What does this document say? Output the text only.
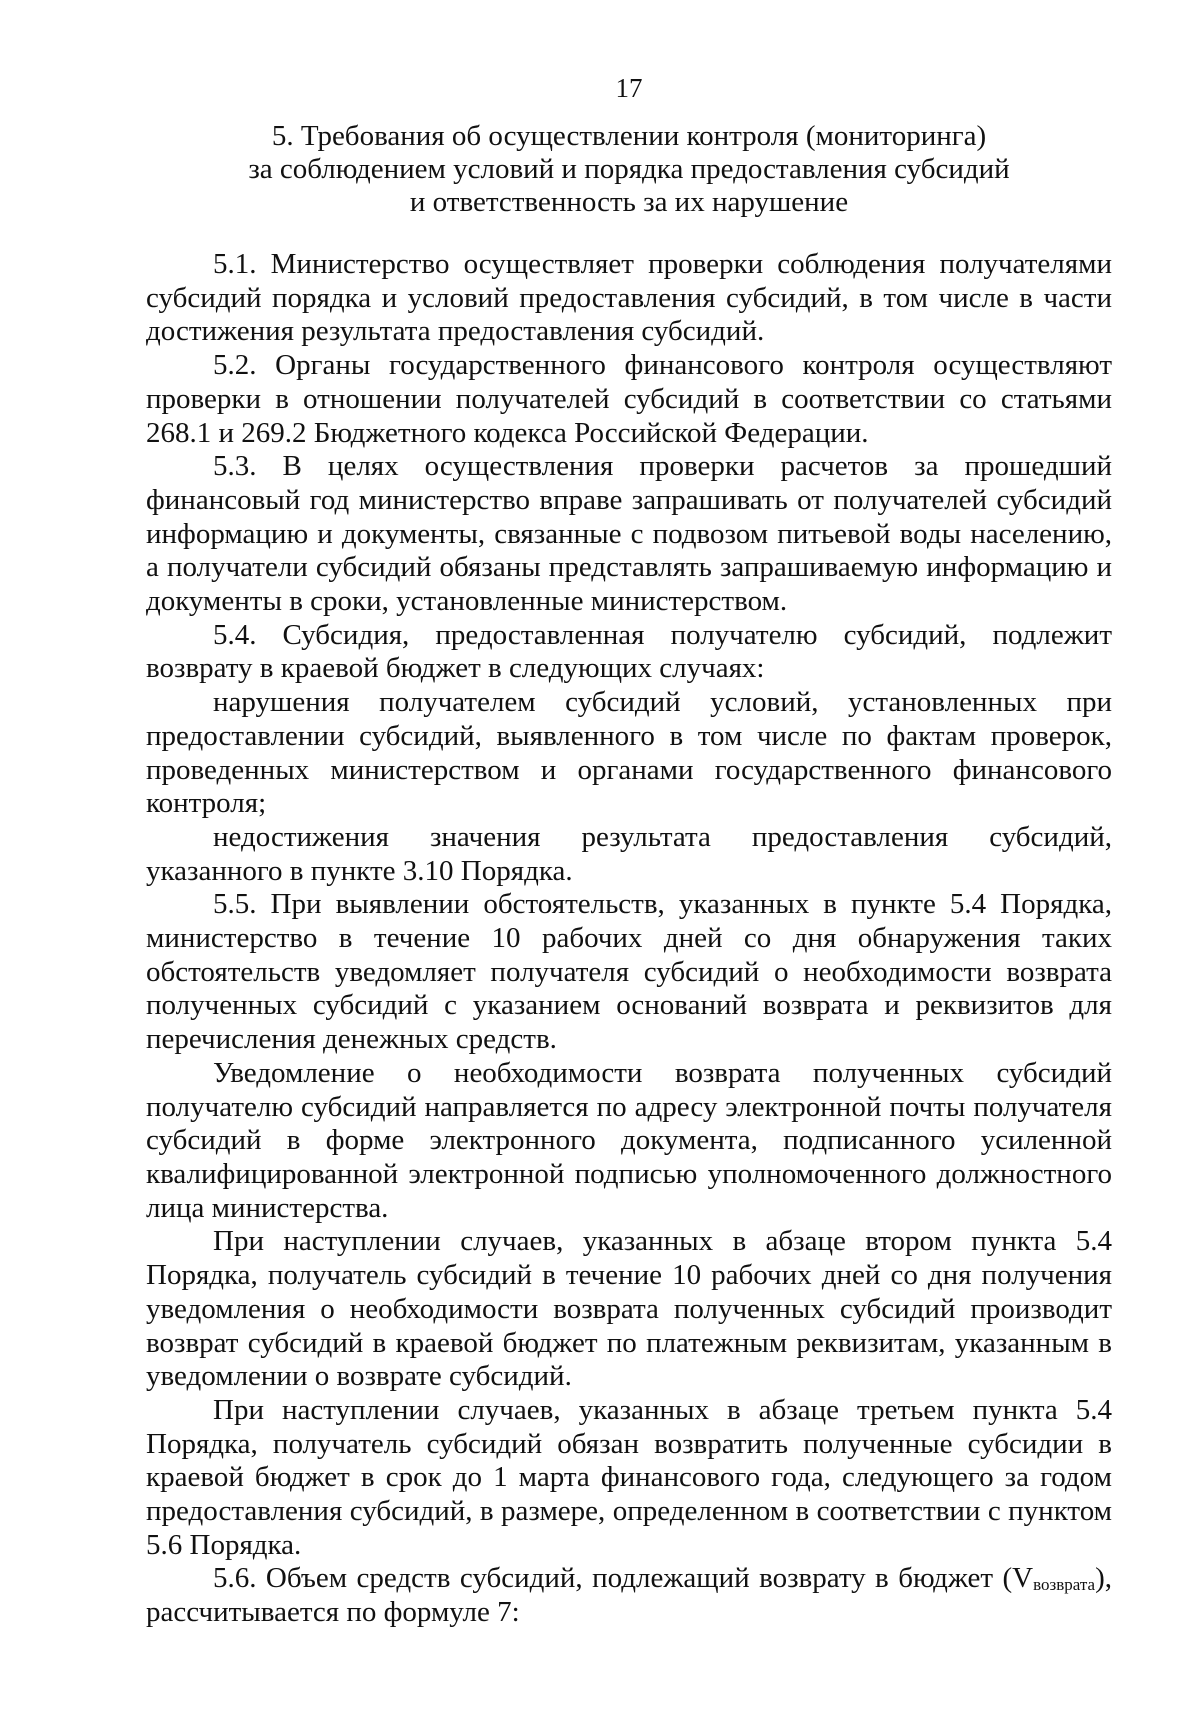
17
5. Требования об осуществлении контроля (мониторинга)
за соблюдением условий и порядка предоставления субсидий
и ответственность за их нарушение

5.1. Министерство осуществляет проверки соблюдения получателями субсидий порядка и условий предоставления субсидий, в том числе в части достижения результата предоставления субсидий.

5.2. Органы государственного финансового контроля осуществляют проверки в отношении получателей субсидий в соответствии со статьями 268.1 и 269.2 Бюджетного кодекса Российской Федерации.

5.3. В целях осуществления проверки расчетов за прошедший финансовый год министерство вправе запрашивать от получателей субсидий информацию и документы, связанные с подвозом питьевой воды населению, а получатели субсидий обязаны представлять запрашиваемую информацию и документы в сроки, установленные министерством.

5.4. Субсидия, предоставленная получателю субсидий, подлежит возврату в краевой бюджет в следующих случаях:

нарушения получателем субсидий условий, установленных при предоставлении субсидий, выявленного в том числе по фактам проверок, проведенных министерством и органами государственного финансового контроля;

недостижения значения результата предоставления субсидий, указанного в пункте 3.10 Порядка.

5.5. При выявлении обстоятельств, указанных в пункте 5.4 Порядка, министерство в течение 10 рабочих дней со дня обнаружения таких обстоятельств уведомляет получателя субсидий о необходимости возврата полученных субсидий с указанием оснований возврата и реквизитов для перечисления денежных средств.

Уведомление о необходимости возврата полученных субсидий получателю субсидий направляется по адресу электронной почты получателя субсидий в форме электронного документа, подписанного усиленной квалифицированной электронной подписью уполномоченного должностного лица министерства.

При наступлении случаев, указанных в абзаце втором пункта 5.4 Порядка, получатель субсидий в течение 10 рабочих дней со дня получения уведомления о необходимости возврата полученных субсидий производит возврат субсидий в краевой бюджет по платежным реквизитам, указанным в уведомлении о возврате субсидий.

При наступлении случаев, указанных в абзаце третьем пункта 5.4 Порядка, получатель субсидий обязан возвратить полученные субсидии в краевой бюджет в срок до 1 марта финансового года, следующего за годом предоставления субсидий, в размере, определенном в соответствии с пунктом 5.6 Порядка.

5.6. Объем средств субсидий, подлежащий возврату в бюджет $(V_{возврата})$, рассчитывается по формуле 7:
